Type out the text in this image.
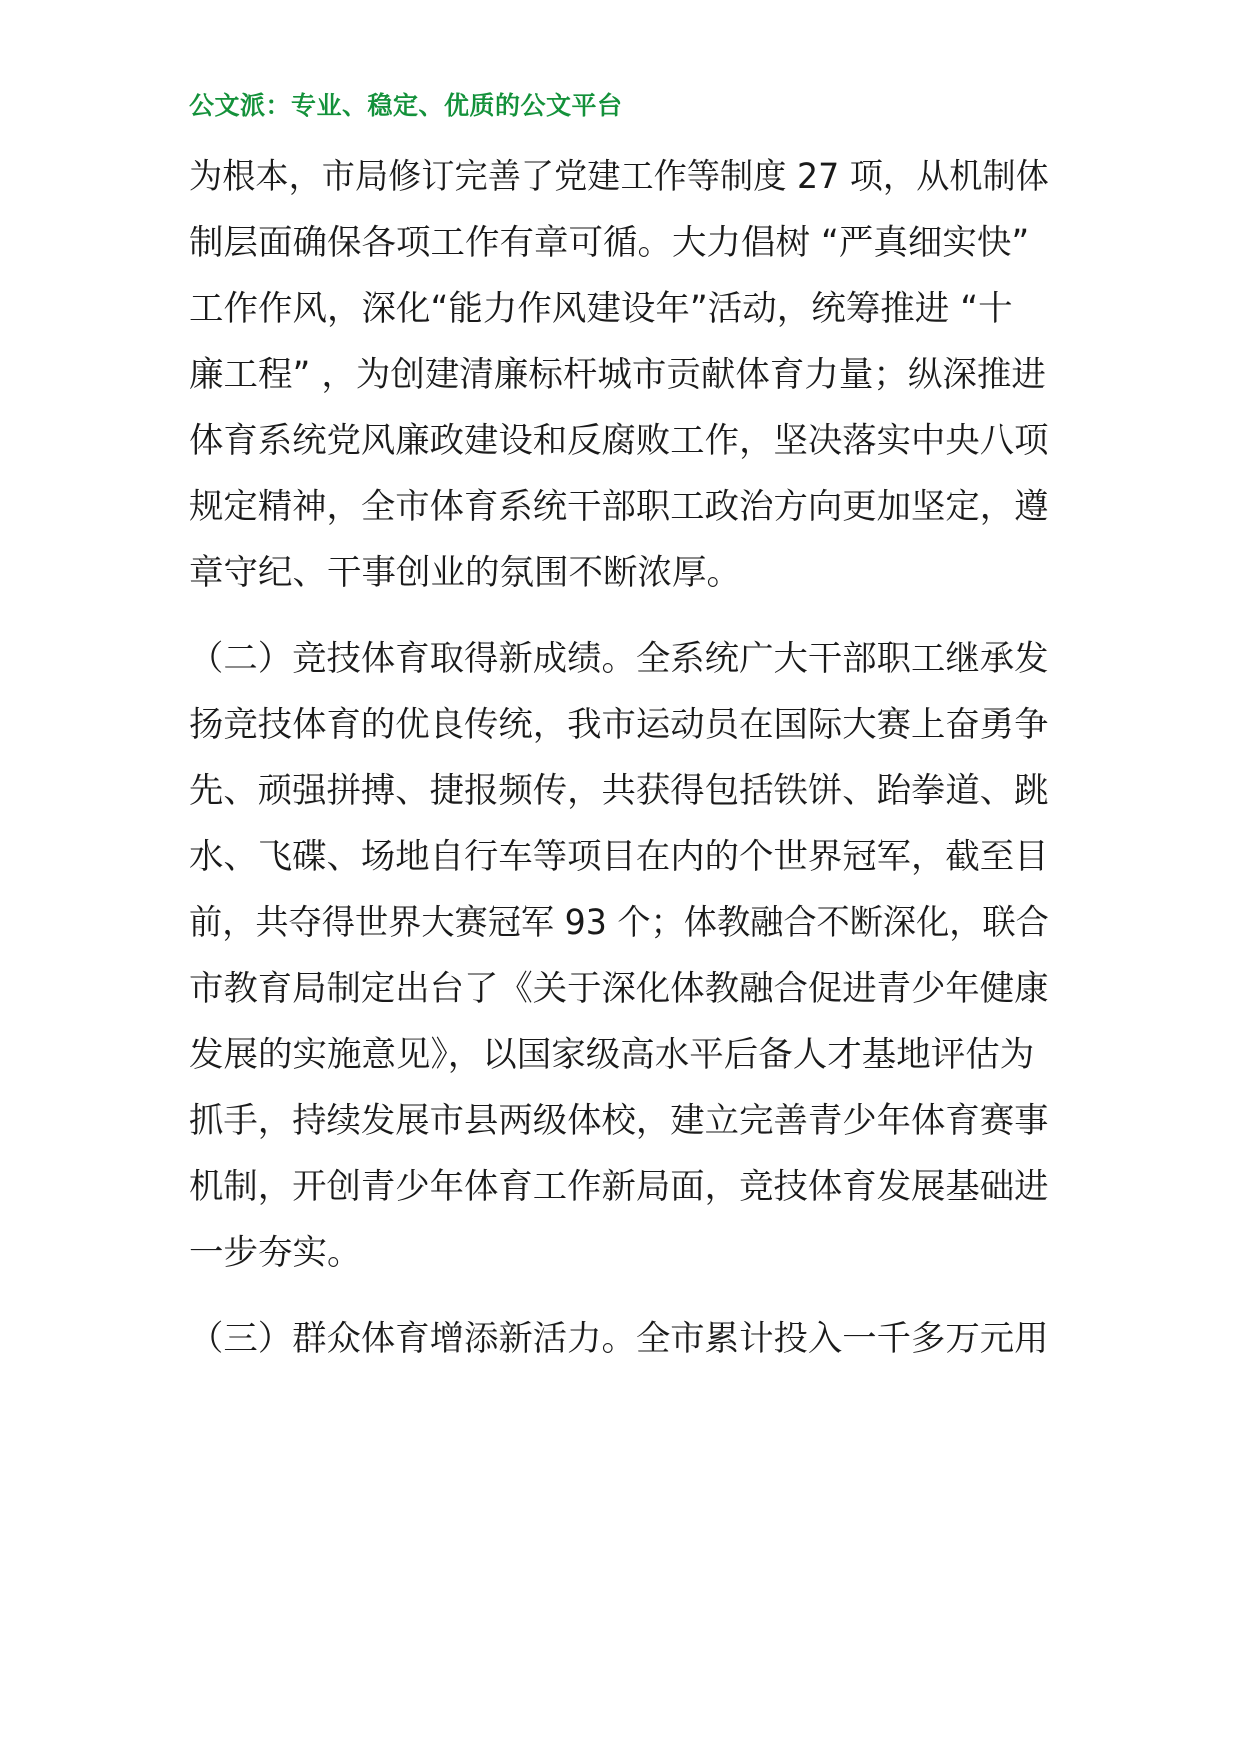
公文派：专业、稳定、优质的公文平台
为根本，市局修订完善了党建工作等制度 27 项，从机制体
制层面确保各项工作有章可循。大力倡树 “严真细实快”
工作作风，深化“能力作风建设年”活动，统筹推进 “十
廉工程” ，为创建清廉标杆城市贡献体育力量；纵深推进
体育系统党风廉政建设和反腐败工作，坚决落实中央八项
规定精神，全市体育系统干部职工政治方向更加坚定，遵
章守纪、干事创业的氛围不断浓厚。
（二）竞技体育取得新成绩。全系统广大干部职工继承发
扬竞技体育的优良传统，我市运动员在国际大赛上奋勇争
先、顽强拼搏、捷报频传，共获得包括铁饼、跆拳道、跳
水、飞碟、场地自行车等项目在内的个世界冠军，截至目
前，共夺得世界大赛冠军 93 个；体教融合不断深化，联合
市教育局制定出台了《关于深化体教融合促进青少年健康
发展的实施意见》，以国家级高水平后备人才基地评估为
抓手，持续发展市县两级体校，建立完善青少年体育赛事
机制，开创青少年体育工作新局面，竞技体育发展基础进
一步夯实。
（三）群众体育增添新活力。全市累计投入一千多万元用
